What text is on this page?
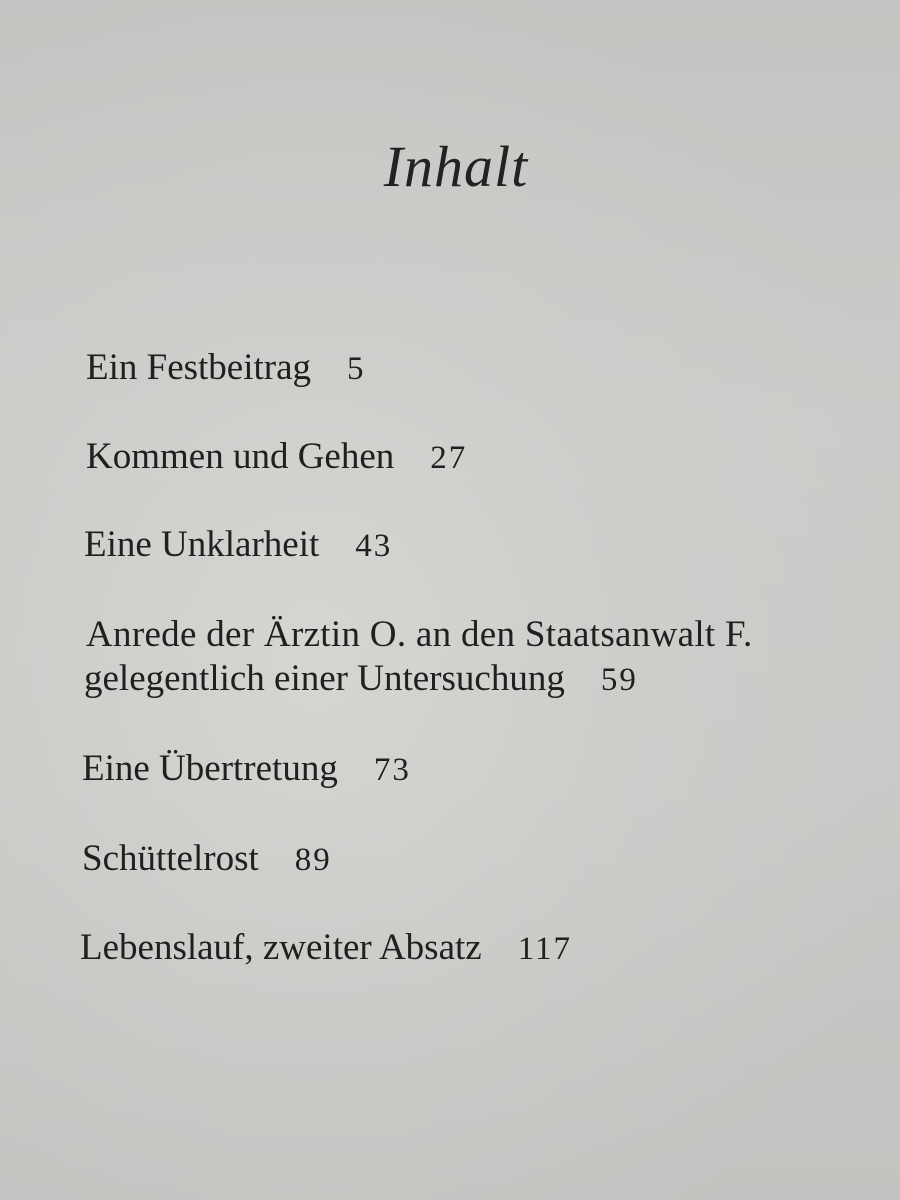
Inhalt
Ein Festbeitrag 5
Kommen und Gehen 27
Eine Unklarheit 43
Anrede der Ärztin O. an den Staatsanwalt F.
gelegentlich einer Untersuchung 59
Eine Übertretung 73
Schüttelrost 89
Lebenslauf, zweiter Absatz 117
